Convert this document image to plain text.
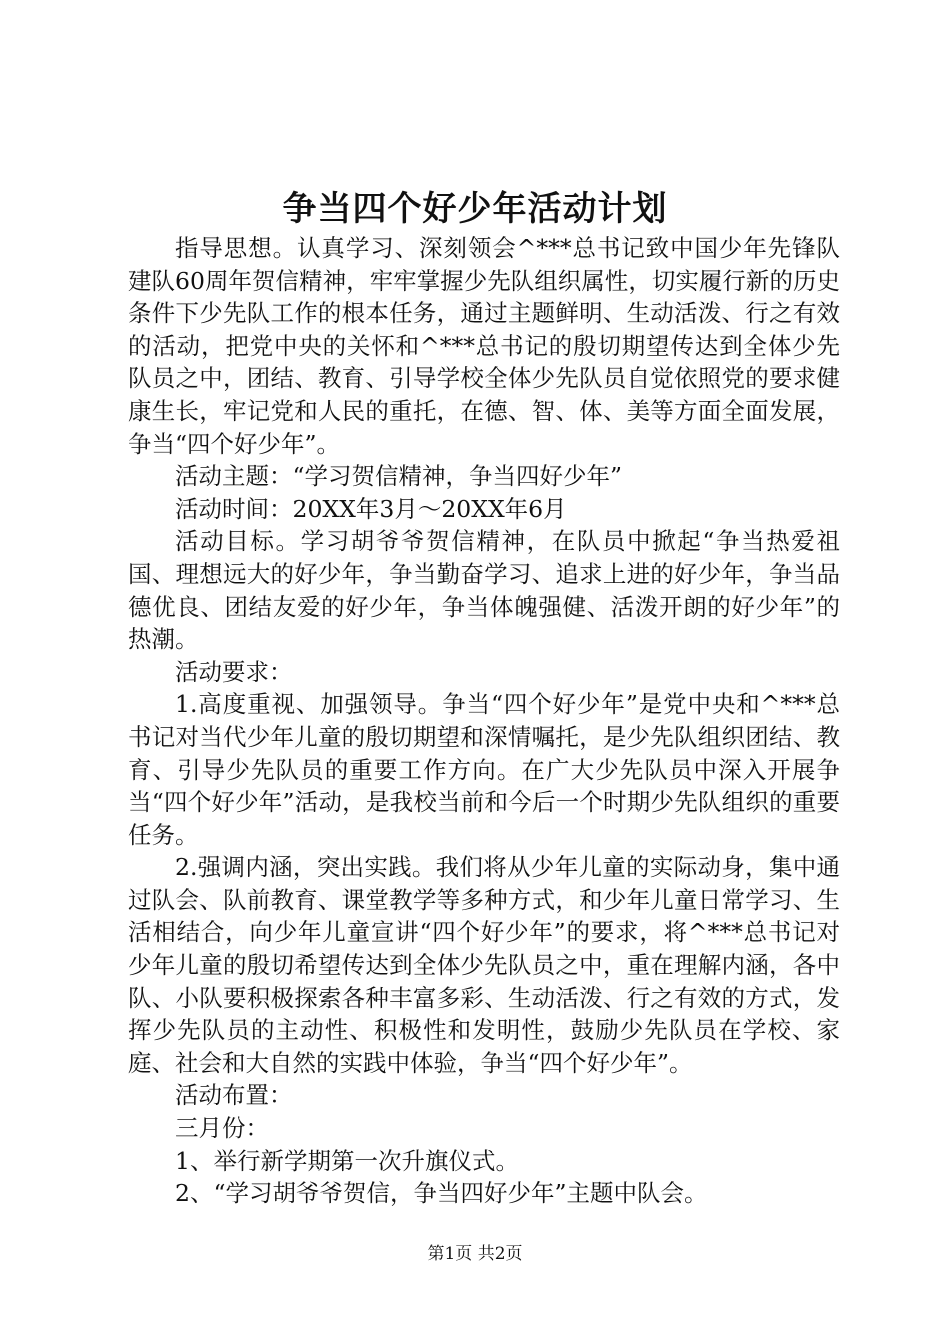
争当四个好少年活动计划

指导思想。认真学习、深刻领会^***总书记致中国少年先锋队建队60周年贺信精神，牢牢掌握少先队组织属性，切实履行新的历史条件下少先队工作的根本任务，通过主题鲜明、生动活泼、行之有效的活动，把党中央的关怀和^***总书记的殷切期望传达到全体少先队员之中，团结、教育、引导学校全体少先队员自觉依照党的要求健康生长，牢记党和人民的重托，在德、智、体、美等方面全面发展，争当“四个好少年”。

活动主题：“学习贺信精神，争当四好少年”

活动时间：20XX年3月～20XX年6月

活动目标。学习胡爷爷贺信精神，在队员中掀起“争当热爱祖国、理想远大的好少年，争当勤奋学习、追求上进的好少年，争当品德优良、团结友爱的好少年，争当体魄强健、活泼开朗的好少年”的热潮。

活动要求：

1.高度重视、加强领导。争当“四个好少年”是党中央和^***总书记对当代少年儿童的殷切期望和深情嘱托，是少先队组织团结、教育、引导少先队员的重要工作方向。在广大少先队员中深入开展争当“四个好少年”活动，是我校当前和今后一个时期少先队组织的重要任务。

2.强调内涵，突出实践。我们将从少年儿童的实际动身，集中通过队会、队前教育、课堂教学等多种方式，和少年儿童日常学习、生活相结合，向少年儿童宣讲“四个好少年”的要求，将^***总书记对少年儿童的殷切希望传达到全体少先队员之中，重在理解内涵，各中队、小队要积极探索各种丰富多彩、生动活泼、行之有效的方式，发挥少先队员的主动性、积极性和发明性，鼓励少先队员在学校、家庭、社会和大自然的实践中体验，争当“四个好少年”。

活动布置：

三月份：

1、举行新学期第一次升旗仪式。

2、“学习胡爷爷贺信，争当四好少年”主题中队会。

第1页 共2页
